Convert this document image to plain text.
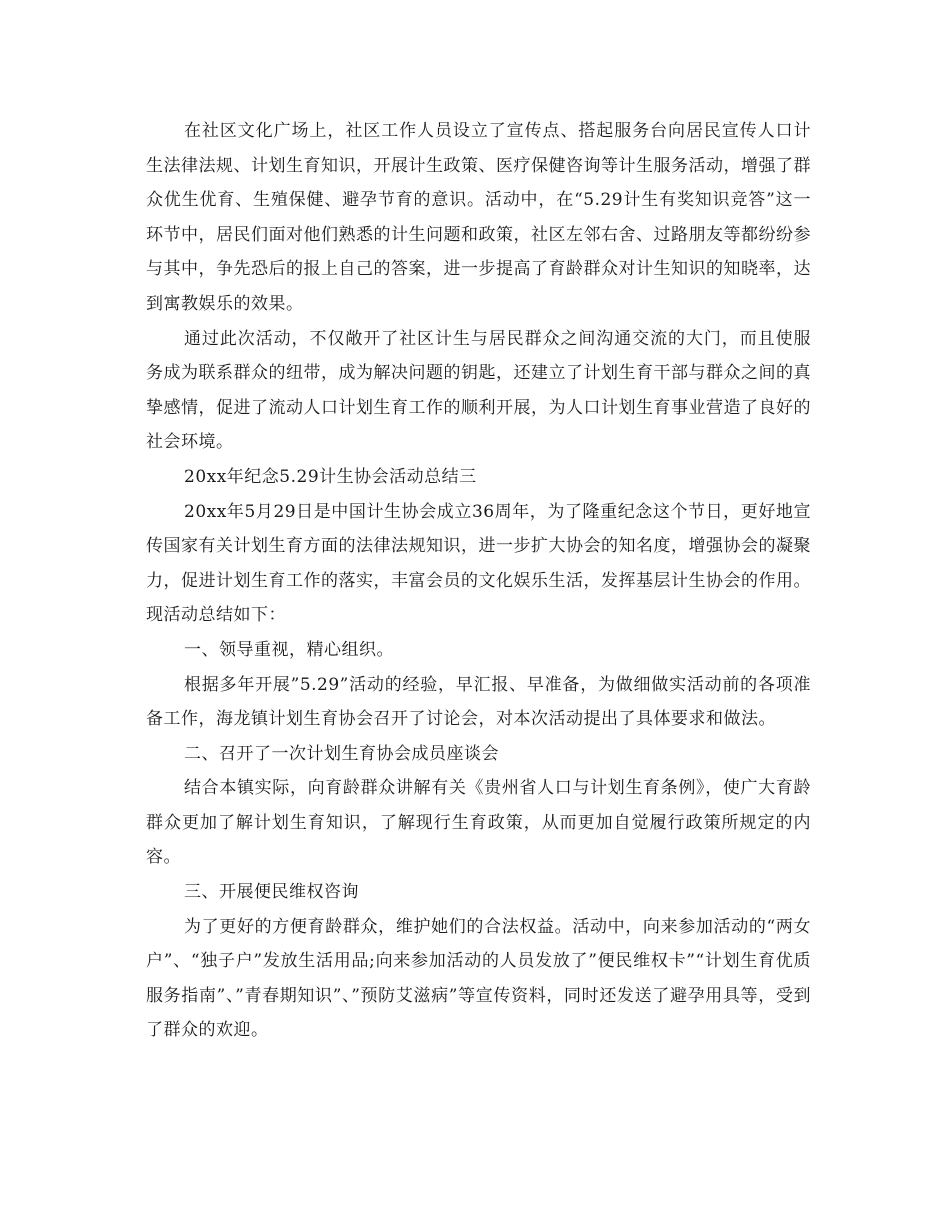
在社区文化广场上，社区工作人员设立了宣传点、搭起服务台向居民宣传人口计生法律法规、计划生育知识，开展计生政策、医疗保健咨询等计生服务活动，增强了群众优生优育、生殖保健、避孕节育的意识。活动中，在“5.29计生有奖知识竞答”这一环节中，居民们面对他们熟悉的计生问题和政策，社区左邻右舍、过路朋友等都纷纷参与其中，争先恐后的报上自己的答案，进一步提高了育龄群众对计生知识的知晓率，达到寓教娱乐的效果。

通过此次活动，不仅敞开了社区计生与居民群众之间沟通交流的大门，而且使服务成为联系群众的纽带，成为解决问题的钥匙，还建立了计划生育干部与群众之间的真挚感情，促进了流动人口计划生育工作的顺利开展，为人口计划生育事业营造了良好的社会环境。

20xx年纪念5.29计生协会活动总结三

20xx年5月29日是中国计生协会成立36周年，为了隆重纪念这个节日，更好地宣传国家有关计划生育方面的法律法规知识，进一步扩大协会的知名度，增强协会的凝聚力，促进计划生育工作的落实，丰富会员的文化娱乐生活，发挥基层计生协会的作用。现活动总结如下：

一、领导重视，精心组织。

根据多年开展”5.29”活动的经验，早汇报、早准备，为做细做实活动前的各项准备工作，海龙镇计划生育协会召开了讨论会，对本次活动提出了具体要求和做法。

二、召开了一次计划生育协会成员座谈会

结合本镇实际，向育龄群众讲解有关《贵州省人口与计划生育条例》，使广大育龄群众更加了解计划生育知识，了解现行生育政策，从而更加自觉履行政策所规定的内容。

三、开展便民维权咨询

为了更好的方便育龄群众，维护她们的合法权益。活动中，向来参加活动的“两女户”、“独子户”发放生活用品;向来参加活动的人员发放了”便民维权卡”“计划生育优质服务指南”、”青春期知识”、”预防艾滋病”等宣传资料，同时还发送了避孕用具等，受到了群众的欢迎。
